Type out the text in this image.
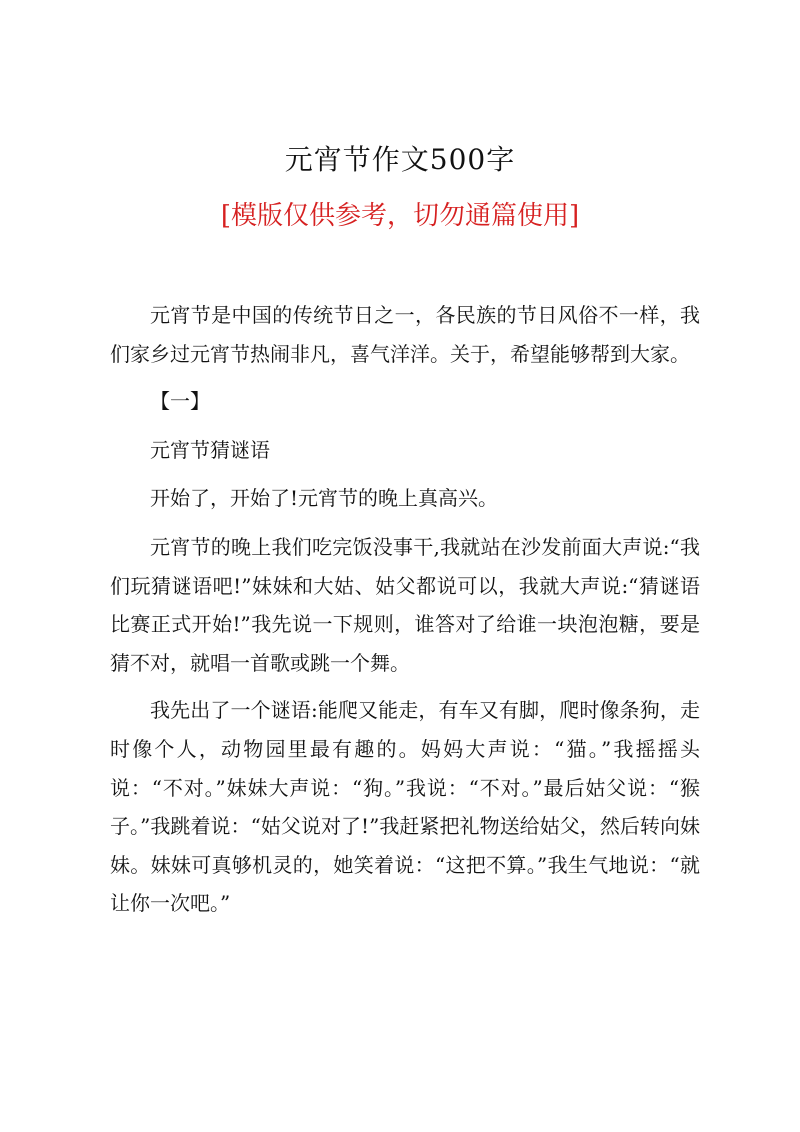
元宵节作文500字
[模版仅供参考，切勿通篇使用]

元宵节是中国的传统节日之一，各民族的节日风俗不一样，我们家乡过元宵节热闹非凡，喜气洋洋。关于，希望能够帮到大家。

【一】

元宵节猜谜语

开始了，开始了!元宵节的晚上真高兴。

元宵节的晚上我们吃完饭没事干,我就站在沙发前面大声说:“我们玩猜谜语吧!”妹妹和大姑、姑父都说可以，我就大声说:“猜谜语比赛正式开始!”我先说一下规则，谁答对了给谁一块泡泡糖，要是猜不对，就唱一首歌或跳一个舞。

我先出了一个谜语:能爬又能走，有车又有脚，爬时像条狗，走时像个人，动物园里最有趣的。妈妈大声说：“猫。”我摇摇头说：“不对。”妹妹大声说：“狗。”我说：“不对。”最后姑父说：“猴子。”我跳着说：“姑父说对了!”我赶紧把礼物送给姑父，然后转向妹妹。妹妹可真够机灵的，她笑着说：“这把不算。”我生气地说：“就让你一次吧。”
